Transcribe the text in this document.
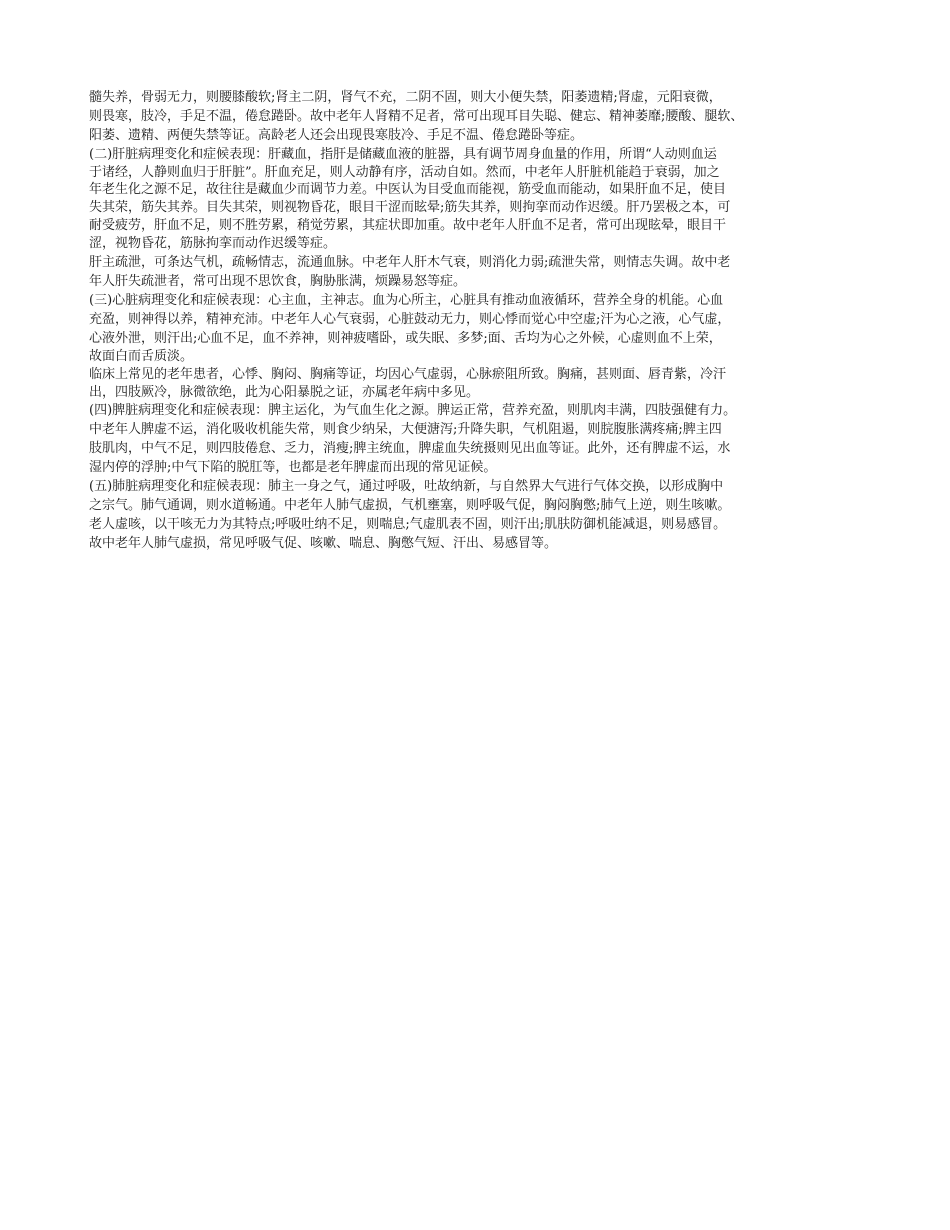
髓失养，骨弱无力，则腰膝酸软;肾主二阴，肾气不充，二阴不固，则大小便失禁，阳萎遗精;肾虚，元阳衰微，
则畏寒，肢冷，手足不温，倦怠踡卧。故中老年人肾精不足者，常可出现耳目失聪、健忘、精神萎靡;腰酸、腿软、
阳萎、遗精、两便失禁等证。高龄老人还会出现畏寒肢冷、手足不温、倦怠踡卧等症。
(二)肝脏病理变化和症候表现：肝藏血，指肝是储藏血液的脏器，具有调节周身血量的作用，所谓“人动则血运
于诸经，人静则血归于肝脏”。肝血充足，则人动静有序，活动自如。然而，中老年人肝脏机能趋于衰弱，加之
年老生化之源不足，故往往是藏血少而调节力差。中医认为目受血而能视，筋受血而能动，如果肝血不足，使目
失其荣，筋失其养。目失其荣，则视物昏花，眼目干涩而眩晕;筋失其养，则拘挛而动作迟缓。肝乃罢极之本，可
耐受疲劳，肝血不足，则不胜劳累，稍觉劳累，其症状即加重。故中老年人肝血不足者，常可出现眩晕，眼目干
涩，视物昏花，筋脉拘挛而动作迟缓等症。
肝主疏泄，可条达气机，疏畅情志，流通血脉。中老年人肝木气衰，则消化力弱;疏泄失常，则情志失调。故中老
年人肝失疏泄者，常可出现不思饮食，胸胁胀满，烦躁易怒等症。
(三)心脏病理变化和症候表现：心主血，主神志。血为心所主，心脏具有推动血液循环，营养全身的机能。心血
充盈，则神得以养，精神充沛。中老年人心气衰弱，心脏鼓动无力，则心悸而觉心中空虚;汗为心之液，心气虚，
心液外泄，则汗出;心血不足，血不养神，则神疲嗜卧，或失眠、多梦;面、舌均为心之外候，心虚则血不上荣，
故面白而舌质淡。
临床上常见的老年患者，心悸、胸闷、胸痛等证，均因心气虚弱，心脉瘀阻所致。胸痛，甚则面、唇青紫，冷汗
出，四肢厥冷，脉微欲绝，此为心阳暴脱之证，亦属老年病中多见。
(四)脾脏病理变化和症候表现：脾主运化，为气血生化之源。脾运正常，营养充盈，则肌肉丰满，四肢强健有力。
中老年人脾虚不运，消化吸收机能失常，则食少纳呆，大便溏泻;升降失职，气机阻遏，则脘腹胀满疼痛;脾主四
肢肌肉，中气不足，则四肢倦怠、乏力，消瘦;脾主统血，脾虚血失统摄则见出血等证。此外，还有脾虚不运，水
湿内停的浮肿;中气下陷的脱肛等，也都是老年脾虚而出现的常见证候。
(五)肺脏病理变化和症候表现：肺主一身之气，通过呼吸，吐故纳新，与自然界大气进行气体交换，以形成胸中
之宗气。肺气通调，则水道畅通。中老年人肺气虚损，气机壅塞，则呼吸气促，胸闷胸憋;肺气上逆，则生咳嗽。
老人虚咳，以干咳无力为其特点;呼吸吐纳不足，则喘息;气虚肌表不固，则汗出;肌肤防御机能减退，则易感冒。
故中老年人肺气虚损，常见呼吸气促、咳嗽、喘息、胸憋气短、汗出、易感冒等。
